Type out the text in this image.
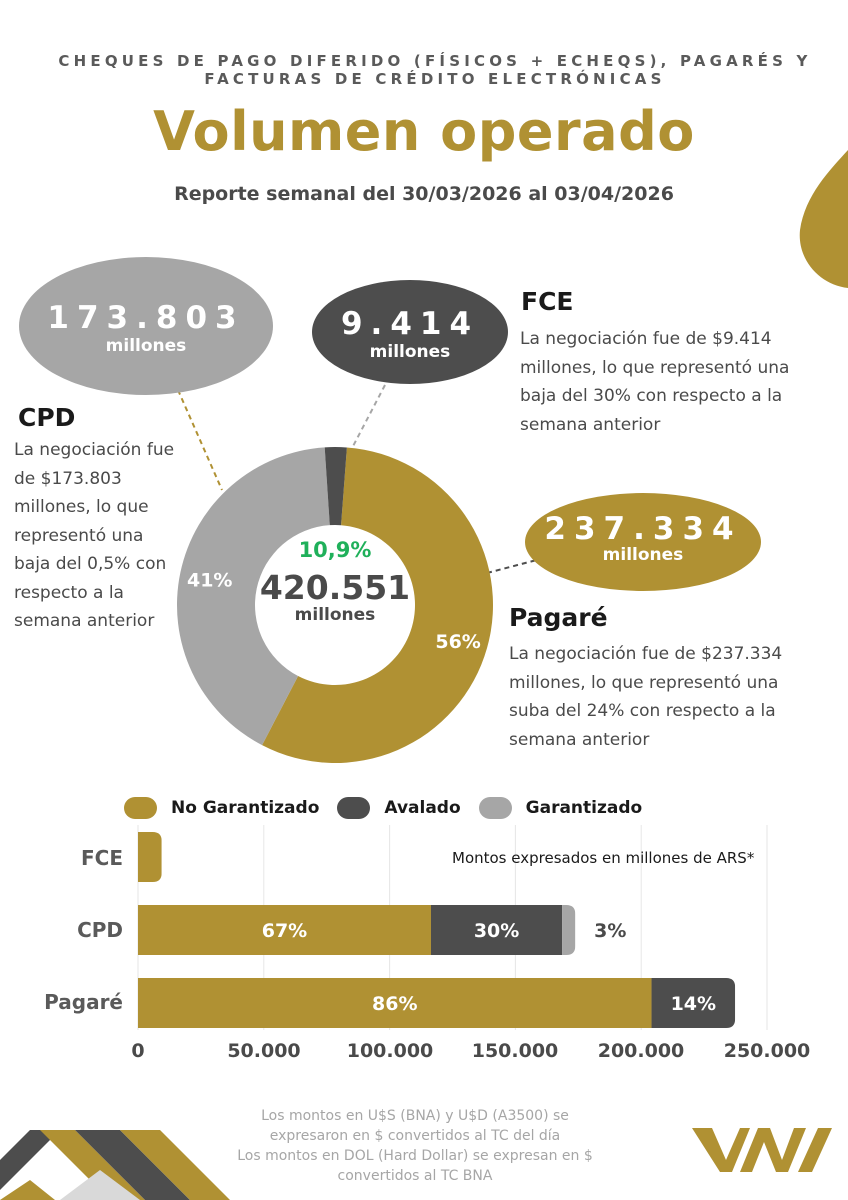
CHEQUES DE PAGO DIFERIDO (FÍSICOS + ECHEQS), PAGARÉS Y FACTURAS DE CRÉDITO ELECTRÓNICAS
Volumen operado
Reporte semanal del 30/03/2026 al 03/04/2026
173.803
millones
9.414
millones
237.334
millones
CPD
La negociación fue de $173.803 millones, lo que representó una baja del 0,5% con respecto a la semana anterior
FCE
La negociación fue de $9.414 millones, lo que representó una baja del 30% con respecto a la semana anterior
Pagaré
La negociación fue de $237.334 millones, lo que representó una suba del 24% con respecto a la semana anterior
56%
41%
10,9%
420.551
millones
No Garantizado	Avalado	Garantizado
FCE
CPD
Pagaré
67%	30%	3%
86%	14%
Montos expresados en millones de ARS*
0	50.000	100.000	150.000	200.000	250.000
Los montos en U$S (BNA) y U$D (A3500) se
expresaron en $ convertidos al TC del día
Los montos en DOL (Hard Dollar) se expresan en $
convertidos al TC BNA
